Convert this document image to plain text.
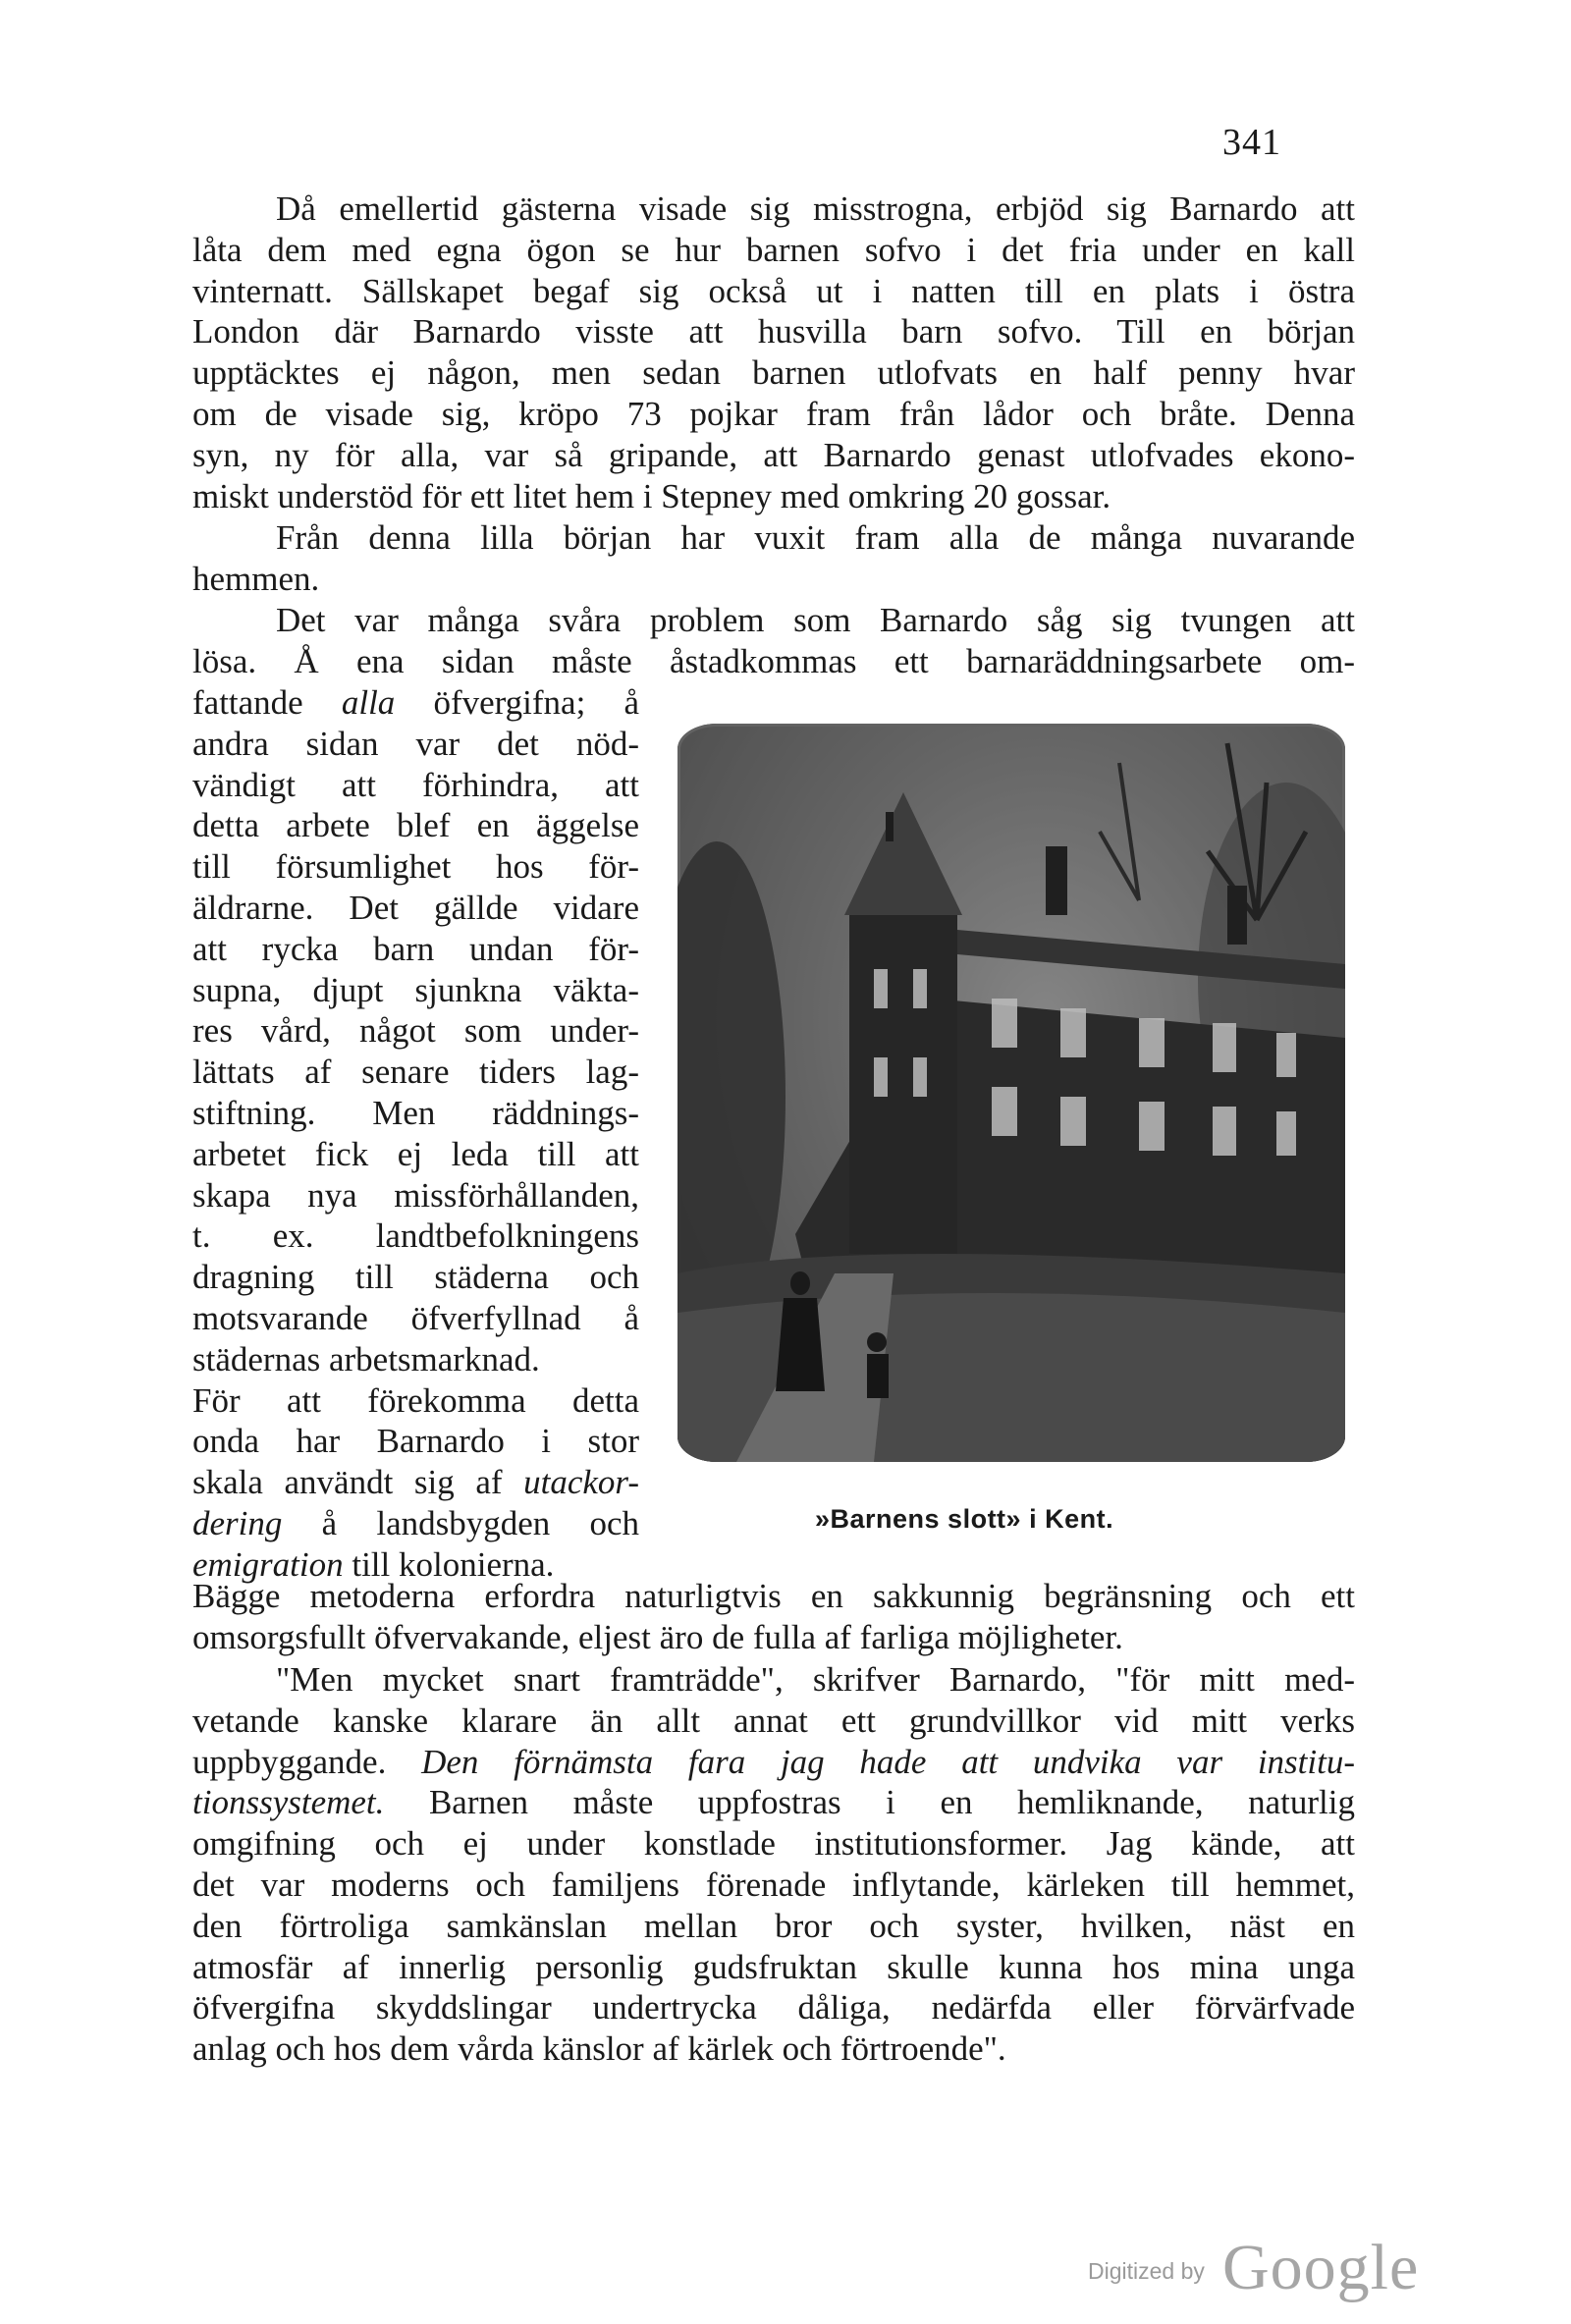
341
Då emellertid gästerna visade sig misstrogna, erbjöd sig Barnardo att
låta dem med egna ögon se hur barnen sofvo i det fria under en kall
vinternatt. Sällskapet begaf sig också ut i natten till en plats i östra
London där Barnardo visste att husvilla barn sofvo. Till en början
upptäcktes ej någon, men sedan barnen utlofvats en half penny hvar
om de visade sig, kröpo 73 pojkar fram från lådor och bråte. Denna
syn, ny för alla, var så gripande, att Barnardo genast utlofvades ekono-
miskt understöd för ett litet hem i Stepney med omkring 20 gossar.
Från denna lilla början har vuxit fram alla de många nuvarande
hemmen.
Det var många svåra problem som Barnardo såg sig tvungen att
lösa. Å ena sidan måste åstadkommas ett barnaräddningsarbete om-
fattande alla öfvergifna; å
andra sidan var det nöd-
vändigt att förhindra, att
detta arbete blef en äggelse
till försumlighet hos för-
äldrarne. Det gällde vidare
att rycka barn undan för-
supna, djupt sjunkna väkta-
res vård, något som under-
lättats af senare tiders lag-
stiftning. Men räddnings-
arbetet fick ej leda till att
skapa nya missförhållanden,
t. ex. landtbefolkningens
dragning till städerna och
motsvarande öfverfyllnad å
städernas arbetsmarknad.
För att förekomma detta
onda har Barnardo i stor
skala användt sig af utackor-
dering å landsbygden och
emigration till kolonierna.
»Barnens slott» i Kent.
Bägge metoderna erfordra naturligtvis en sakkunnig begränsning och ett
omsorgsfullt öfvervakande, eljest äro de fulla af farliga möjligheter.
"Men mycket snart framträdde", skrifver Barnardo, "för mitt med-
vetande kanske klarare än allt annat ett grundvillkor vid mitt verks
uppbyggande. Den förnämsta fara jag hade att undvika var institu-
tionssystemet. Barnen måste uppfostras i en hemliknande, naturlig
omgifning och ej under konstlade institutionsformer. Jag kände, att
det var moderns och familjens förenade inflytande, kärleken till hemmet,
den förtroliga samkänslan mellan bror och syster, hvilken, näst en
atmosfär af innerlig personlig gudsfruktan skulle kunna hos mina unga
öfvergifna skyddslingar undertrycka dåliga, nedärfda eller förvärfvade
anlag och hos dem vårda känslor af kärlek och förtroende".
Digitized by Google
